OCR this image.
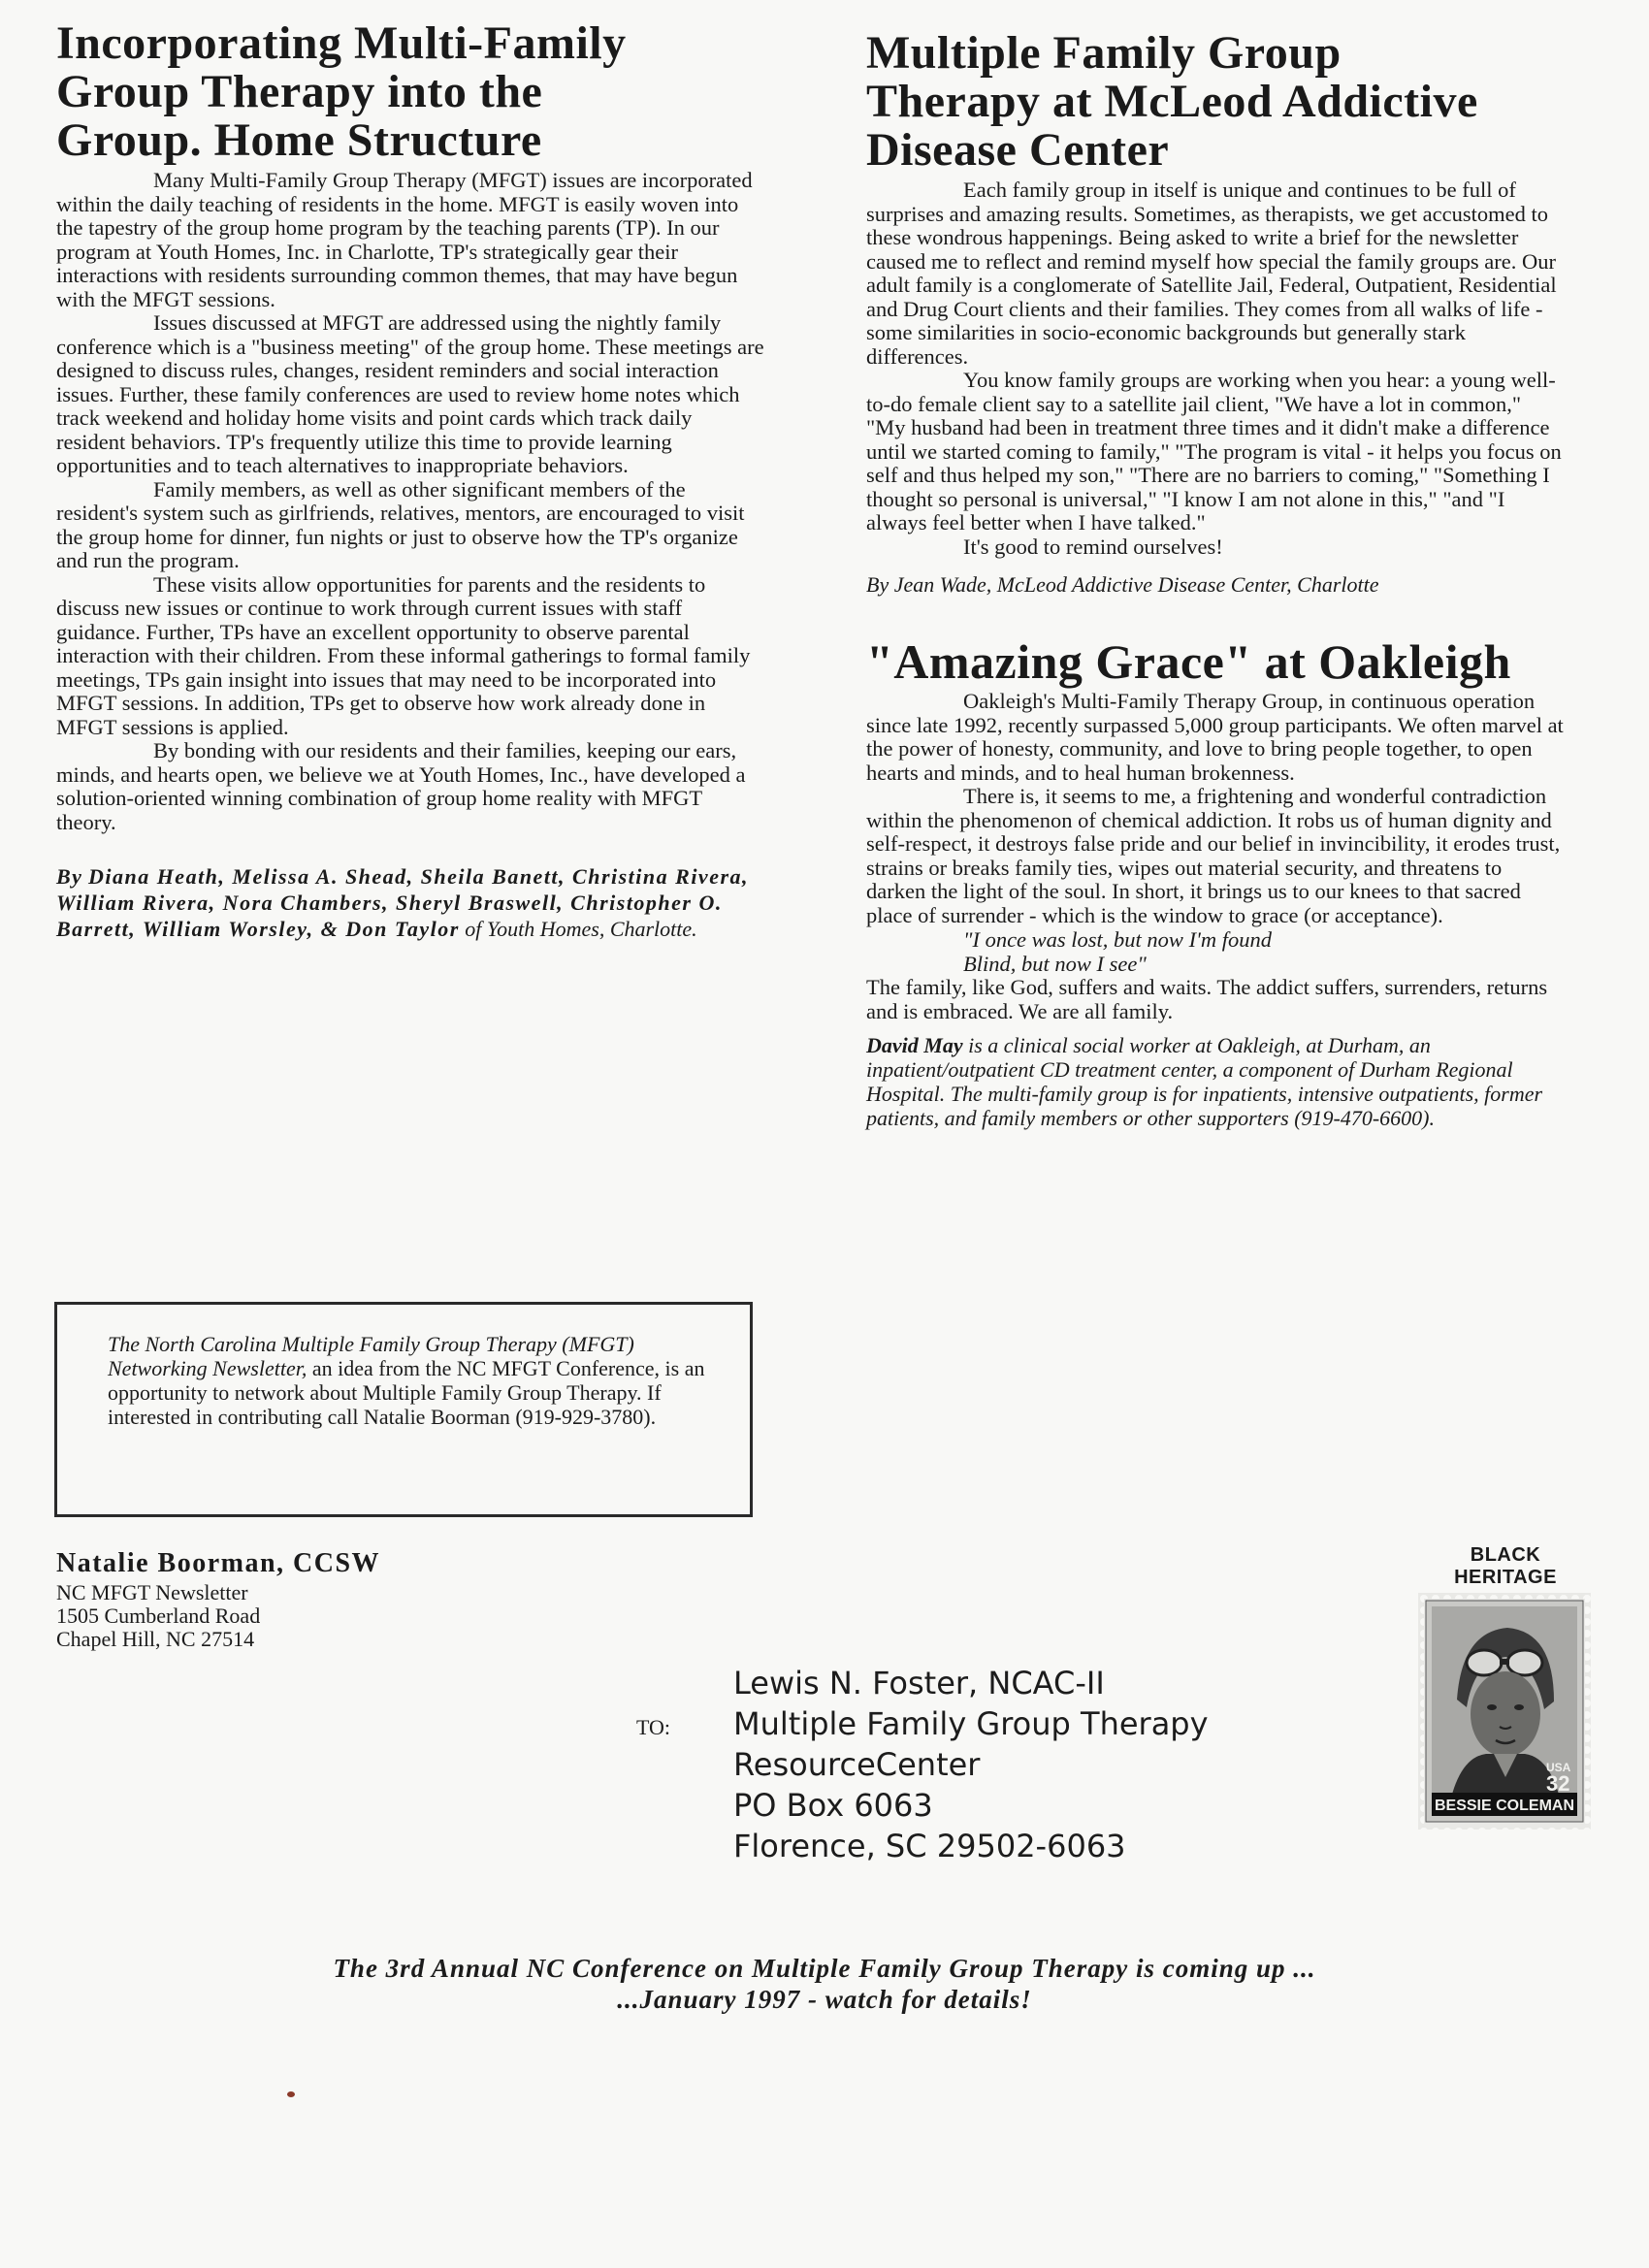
Incorporating Multi-Family
Group Therapy into the
Group. Home Structure

Many Multi-Family Group Therapy (MFGT) issues are incorporated within the daily teaching of residents in the home. MFGT is easily woven into the tapestry of the group home program by the teaching parents (TP). In our program at Youth Homes, Inc. in Charlotte, TP's strategically gear their interactions with residents surrounding common themes, that may have begun with the MFGT sessions.

Issues discussed at MFGT are addressed using the nightly family conference which is a "business meeting" of the group home. These meetings are designed to discuss rules, changes, resident reminders and social interaction issues. Further, these family conferences are used to review home notes which track weekend and holiday home visits and point cards which track daily resident behaviors. TP's frequently utilize this time to provide learning opportunities and to teach alternatives to inappropriate behaviors.

Family members, as well as other significant members of the resident's system such as girlfriends, relatives, mentors, are encouraged to visit the group home for dinner, fun nights or just to observe how the TP's organize and run the program.

These visits allow opportunities for parents and the residents to discuss new issues or continue to work through current issues with staff guidance. Further, TPs have an excellent opportunity to observe parental interaction with their children. From these informal gatherings to formal family meetings, TPs gain insight into issues that may need to be incorporated into MFGT sessions. In addition, TPs get to observe how work already done in MFGT sessions is applied.

By bonding with our residents and their families, keeping our ears, minds, and hearts open, we believe we at Youth Homes, Inc., have developed a solution-oriented winning combination of group home reality with MFGT theory.

By Diana Heath, Melissa A. Shead, Sheila Banett, Christina Rivera, William Rivera, Nora Chambers, Sheryl Braswell, Christopher O. Barrett, William Worsley, & Don Taylor of Youth Homes, Charlotte.
The North Carolina Multiple Family Group Therapy (MFGT) Networking Newsletter, an idea from the NC MFGT Conference, is an opportunity to network about Multiple Family Group Therapy. If interested in contributing call Natalie Boorman (919-929-3780).
Natalie Boorman, CCSW
NC MFGT Newsletter
1505 Cumberland Road
Chapel Hill, NC 27514
Multiple Family Group
Therapy at McLeod Addictive
Disease Center

Each family group in itself is unique and continues to be full of surprises and amazing results. Sometimes, as therapists, we get accustomed to these wondrous happenings. Being asked to write a brief for the newsletter caused me to reflect and remind myself how special the family groups are. Our adult family is a conglomerate of Satellite Jail, Federal, Outpatient, Residential and Drug Court clients and their families. They comes from all walks of life - some similarities in socio-economic backgrounds but generally stark differences.

You know family groups are working when you hear: a young well-to-do female client say to a satellite jail client, "We have a lot in common," "My husband had been in treatment three times and it didn't make a difference until we started coming to family," "The program is vital - it helps you focus on self and thus helped my son," "There are no barriers to coming," "Something I thought so personal is universal," "I know I am not alone in this," "and "I always feel better when I have talked."

It's good to remind ourselves!

By Jean Wade, McLeod Addictive Disease Center, Charlotte
"Amazing Grace" at Oakleigh

Oakleigh's Multi-Family Therapy Group, in continuous operation since late 1992, recently surpassed 5,000 group participants. We often marvel at the power of honesty, community, and love to bring people together, to open hearts and minds, and to heal human brokenness.

There is, it seems to me, a frightening and wonderful contradiction within the phenomenon of chemical addiction. It robs us of human dignity and self-respect, it destroys false pride and our belief in invincibility, it erodes trust, strains or breaks family ties, wipes out material security, and threatens to darken the light of the soul. In short, it brings us to our knees to that sacred place of surrender - which is the window to grace (or acceptance).

"I once was lost, but now I'm found
Blind, but now I see"

The family, like God, suffers and waits. The addict suffers, surrenders, returns and is embraced. We are all family.

David May is a clinical social worker at Oakleigh, at Durham, an inpatient/outpatient CD treatment center, a component of Durham Regional Hospital. The multi-family group is for inpatients, intensive outpatients, former patients, and family members or other supporters (919-470-6600).
BLACK HERITAGE
BESSIE COLEMAN
USA
32
TO:
Lewis N. Foster, NCAC-II
Multiple Family Group Therapy
ResourceCenter
PO Box 6063
Florence, SC 29502-6063
The 3rd Annual NC Conference on Multiple Family Group Therapy is coming up ...
...January 1997 - watch for details!
